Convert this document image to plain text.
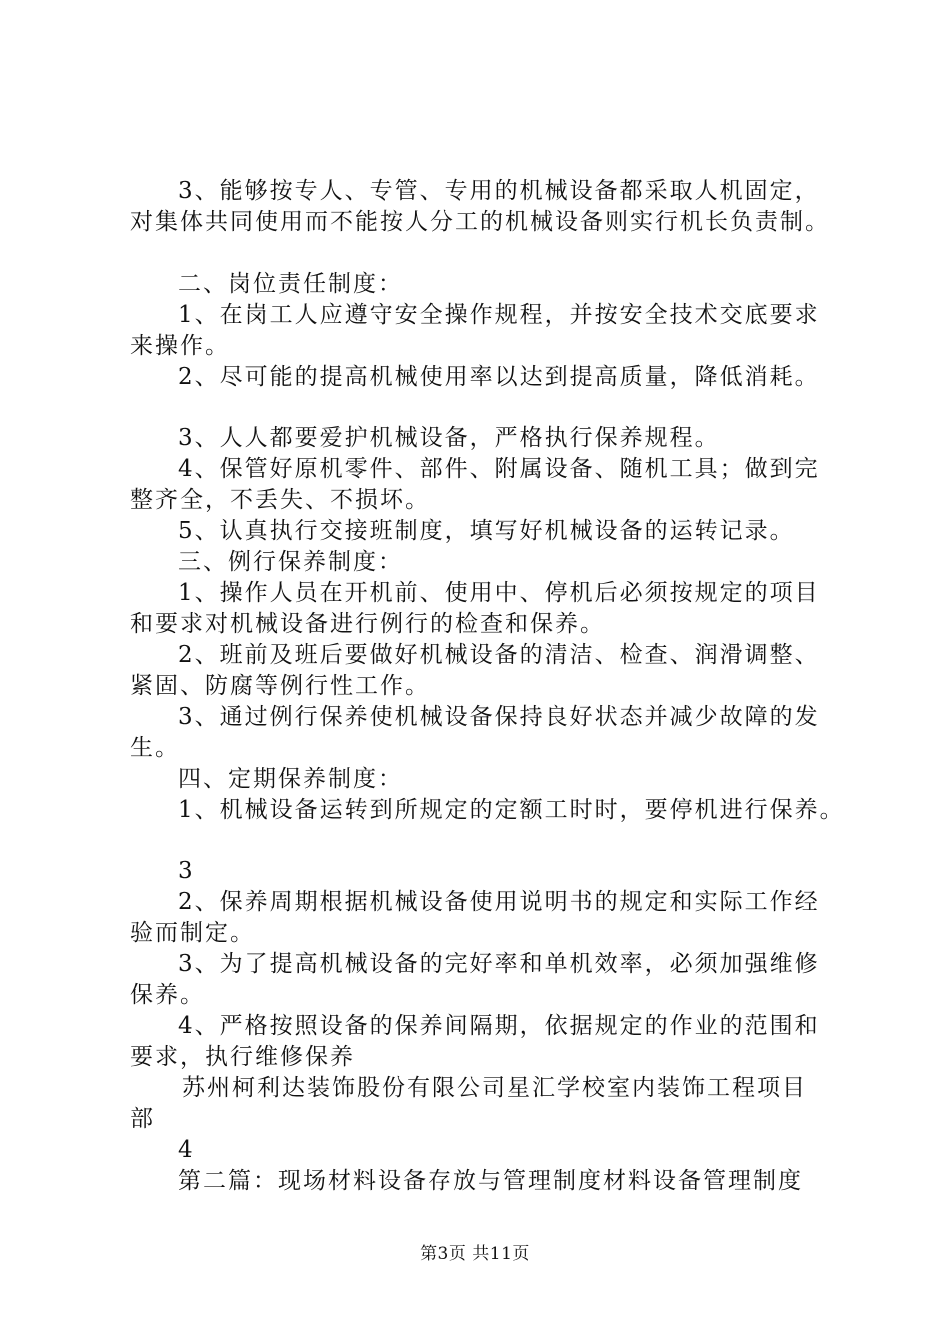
3、能够按专人、专管、专用的机械设备都采取人机固定，
对集体共同使用而不能按人分工的机械设备则实行机长负责制。
二、岗位责任制度：
1、在岗工人应遵守安全操作规程，并按安全技术交底要求
来操作。
2、尽可能的提高机械使用率以达到提高质量，降低消耗。
3、人人都要爱护机械设备，严格执行保养规程。
4、保管好原机零件、部件、附属设备、随机工具；做到完
整齐全，不丢失、不损坏。
5、认真执行交接班制度，填写好机械设备的运转记录。
三、例行保养制度：
1、操作人员在开机前、使用中、停机后必须按规定的项目
和要求对机械设备进行例行的检查和保养。
2、班前及班后要做好机械设备的清洁、检查、润滑调整、
紧固、防腐等例行性工作。
3、通过例行保养使机械设备保持良好状态并减少故障的发
生。
四、定期保养制度：
1、机械设备运转到所规定的定额工时时，要停机进行保养。
3
2、保养周期根据机械设备使用说明书的规定和实际工作经
验而制定。
3、为了提高机械设备的完好率和单机效率，必须加强维修
保养。
4、严格按照设备的保养间隔期，依据规定的作业的范围和
要求，执行维修保养
苏州柯利达装饰股份有限公司星汇学校室内装饰工程项目
部
4
第二篇：现场材料设备存放与管理制度材料设备管理制度
第3页 共11页
